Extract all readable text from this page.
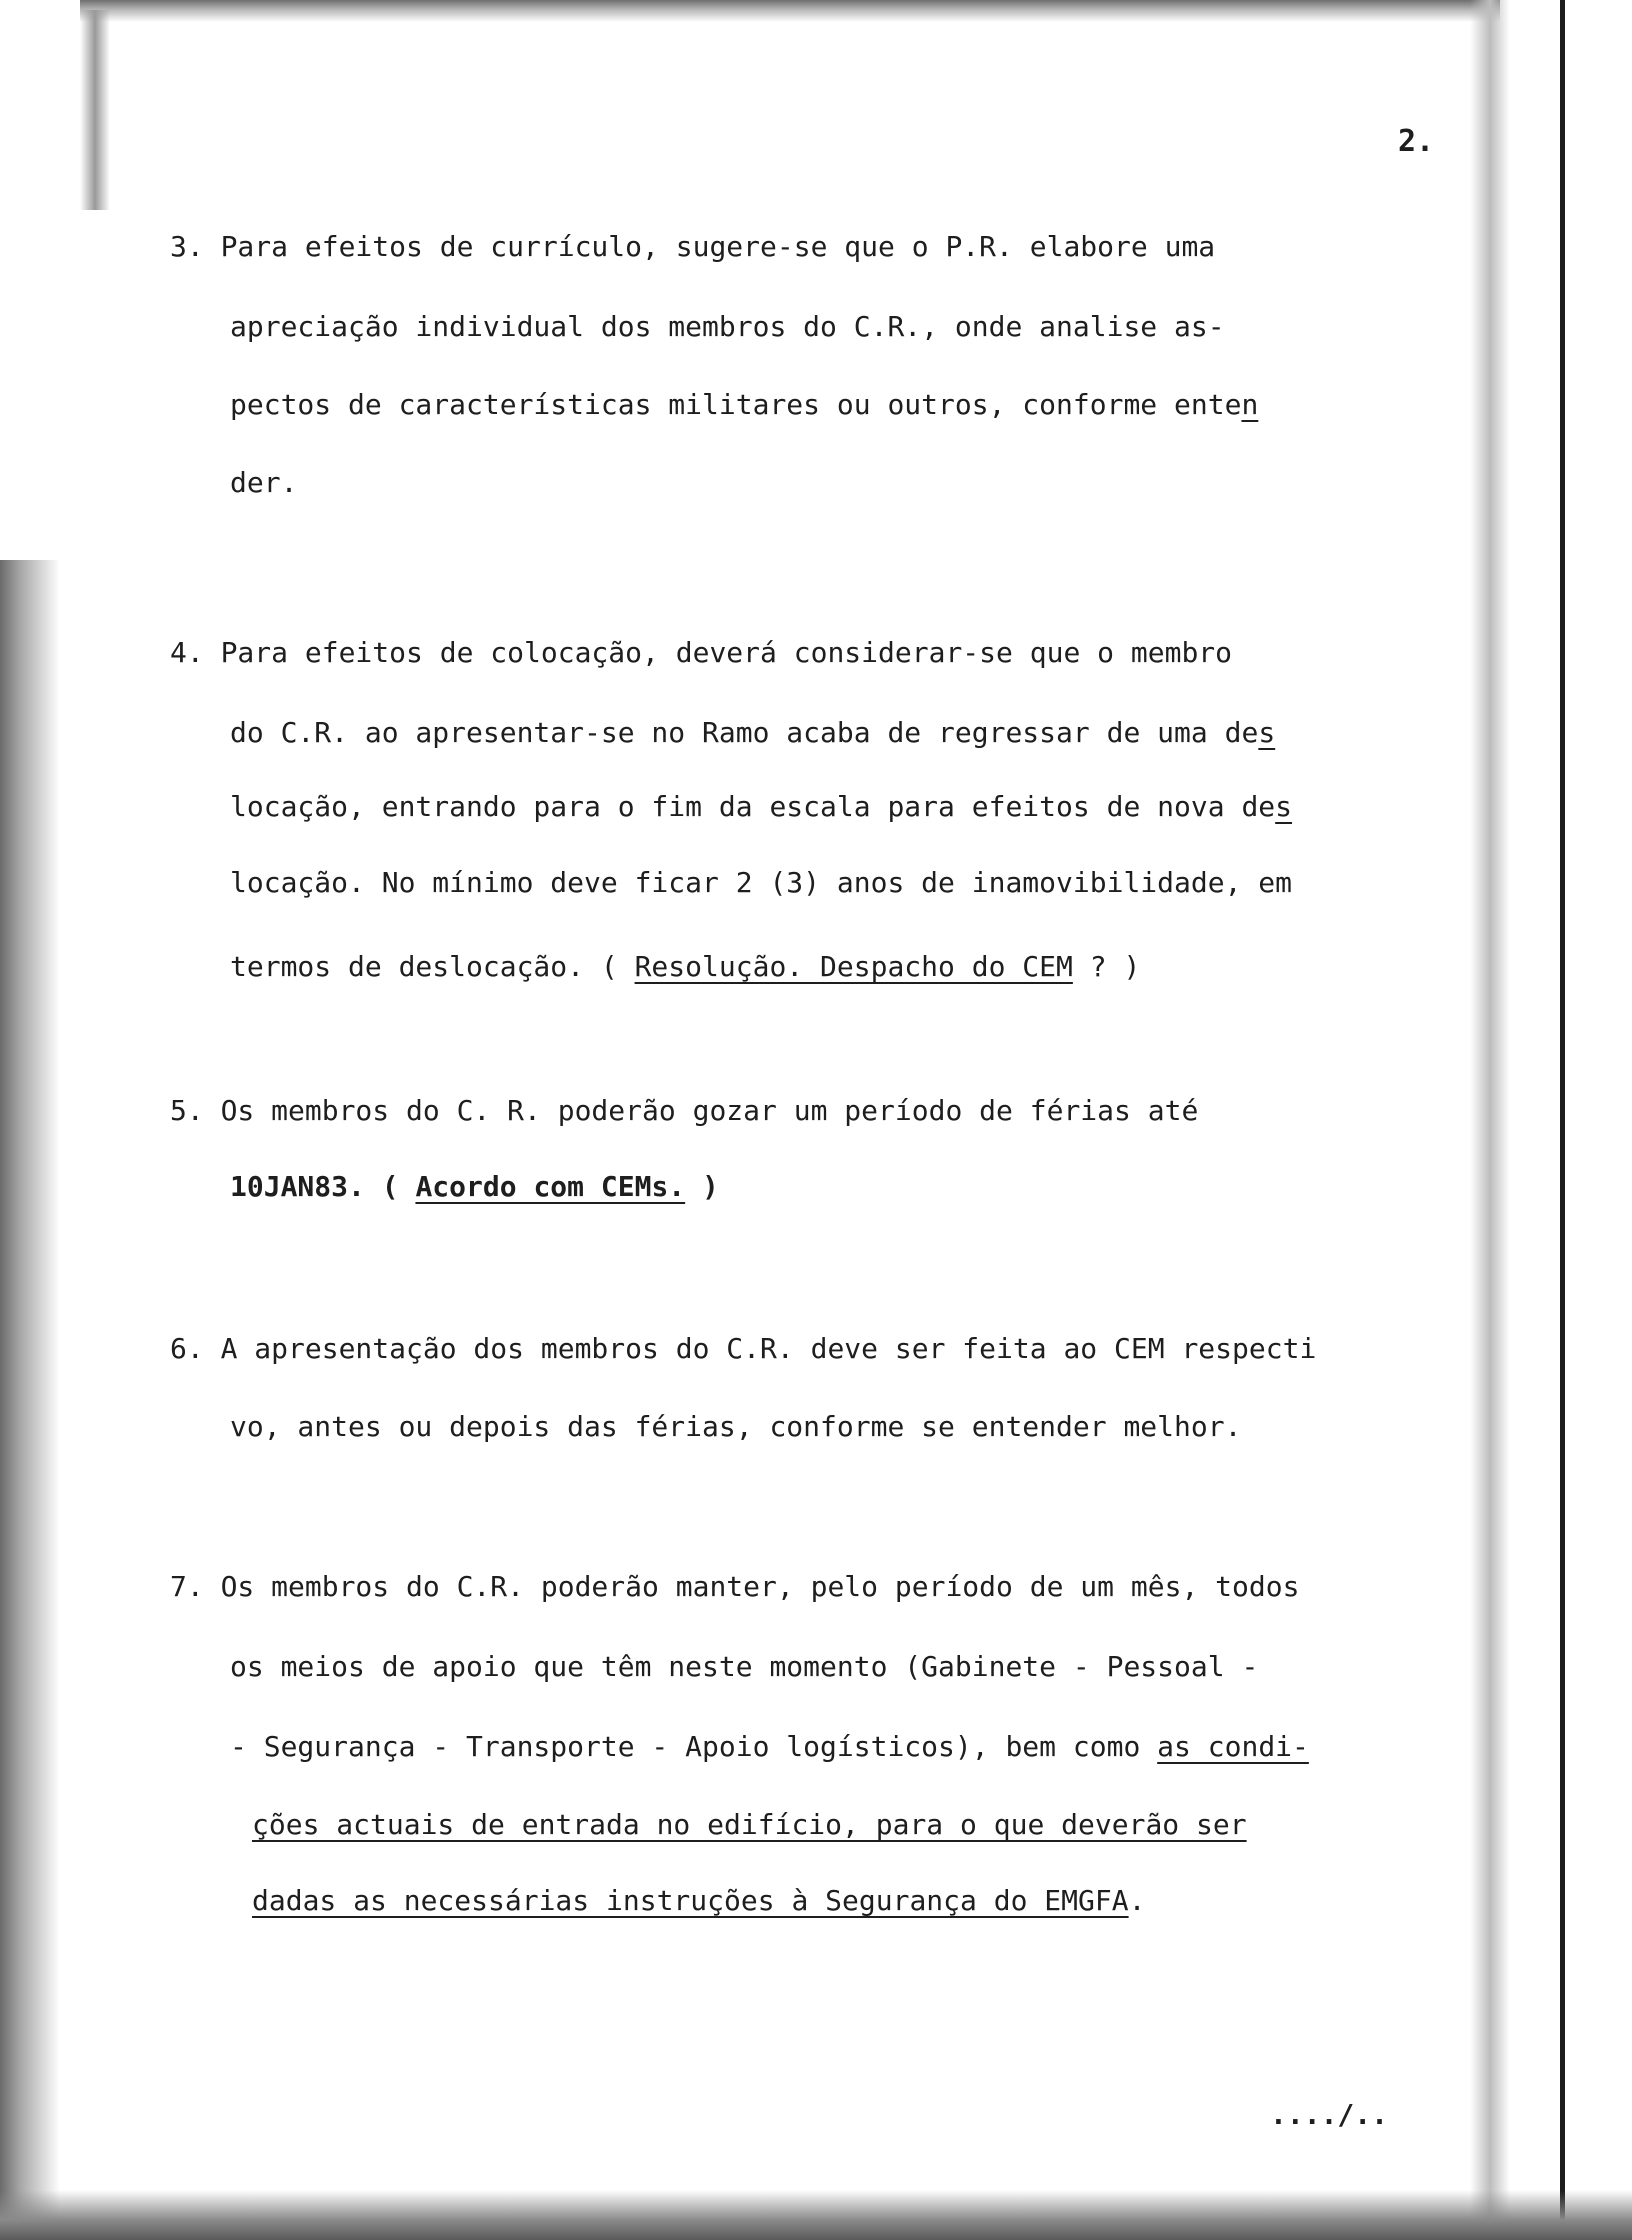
2.

3. Para efeitos de currículo, sugere-se que o P.R. elabore uma

apreciação individual dos membros do C.R., onde analise as-

pectos de características militares ou outros, conforme enten

der.

4. Para efeitos de colocação, deverá considerar-se que o membro

do C.R. ao apresentar-se no Ramo acaba de regressar de uma des

locação, entrando para o fim da escala para efeitos de nova des

locação. No mínimo deve ficar 2 (3) anos de inamovibilidade, em

termos de deslocação. ( Resolução. Despacho do CEM ? )

5. Os membros do C. R. poderão gozar um período de férias até

10JAN83. ( Acordo com CEMs. )

6. A apresentação dos membros do C.R. deve ser feita ao CEM respecti

vo, antes ou depois das férias, conforme se entender melhor.

7. Os membros do C.R. poderão manter, pelo período de um mês, todos

os meios de apoio que têm neste momento (Gabinete - Pessoal -

- Segurança - Transporte - Apoio logísticos), bem como as condi-

ções actuais de entrada no edifício, para o que deverão ser

dadas as necessárias instruções à Segurança do EMGFA.

..../..
